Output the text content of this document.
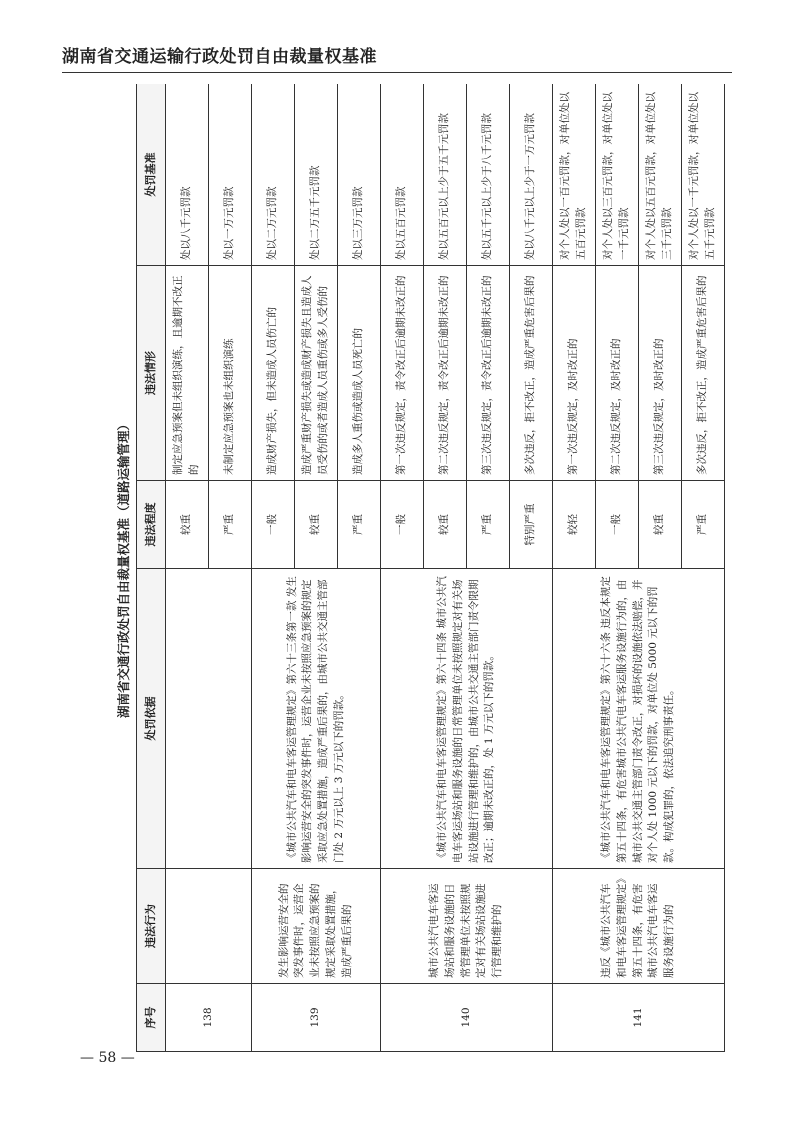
湖南省交通运输行政处罚自由裁量权基准
湖南省交通行政处罚自由裁量权基准（道路运输管理）
序号	违法行为	处罚依据	违法程度	违法情形	处罚基准
138			较重	制定应急预案但未组织演练，且逾期不改正的	处以八千元罚款
			严重	未制定应急预案也未组织演练	处以一万元罚款
139	发生影响运营安全的突发事件时，运营企业未按照应急预案的规定采取处置措施，造成严重后果的	《城市公共汽车和电车客运管理规定》第六十三条第一款 发生影响运营安全的突发事件时，运营企业未按照应急预案的规定采取应急处置措施，造成严重后果的，由城市公共交通主管部门处 2 万元以上 3 万元以下的罚款。	一般	造成财产损失，但未造成人员伤亡的	处以二万元罚款
			较重	造成严重财产损失或造成财产损失且造成人员受伤的或者造成人员重伤或多人受伤的	处以二万五千元罚款
			严重	造成多人重伤或造成人员死亡的	处以三万元罚款
140	城市公共汽电车客运场站和服务设施的日常管理单位未按照规定对有关场站设施进行管理和维护的	《城市公共汽车和电车客运管理规定》第六十四条 城市公共汽电车客运场站和服务设施的日常管理单位未按照规定对有关场站设施进行管理和维护的，由城市公共交通主管部门责令限期改正；逾期未改正的，处 1 万元以下的罚款。	一般	第一次违反规定，责令改正后逾期未改正的	处以五百元罚款
			较重	第二次违反规定，责令改正后逾期未改正的	处以五百元以上少于五千元罚款
			严重	第三次违反规定，责令改正后逾期未改正的	处以五千元以上少于八千元罚款
			特别严重	多次违反，拒不改正，造成严重危害后果的	处以八千元以上少于一万元罚款
141	违反《城市公共汽车和电车客运管理规定》第五十四条，有危害城市公共汽电车客运服务设施行为的	《城市公共汽车和电车客运管理规定》第六十六条 违反本规定第五十四条，有危害城市公共汽电车客运服务设施行为的，由城市公共交通主管部门责令改正，对损坏的设施依法赔偿，并对个人处 1000 元以下的罚款，对单位处 5000 元以下的罚款。构成犯罪的，依法追究刑事责任。	较轻	第一次违反规定，及时改正的	对个人处以一百元罚款，对单位处以五百元罚款
			一般	第二次违反规定，及时改正的	对个人处以三百元罚款，对单位处以一千元罚款
			较重	第三次违反规定，及时改正的	对个人处以五百元罚款，对单位处以三千元罚款
			严重	多次违反，拒不改正，造成严重危害后果的	对个人处以一千元罚款，对单位处以五千元罚款
— 58 —
